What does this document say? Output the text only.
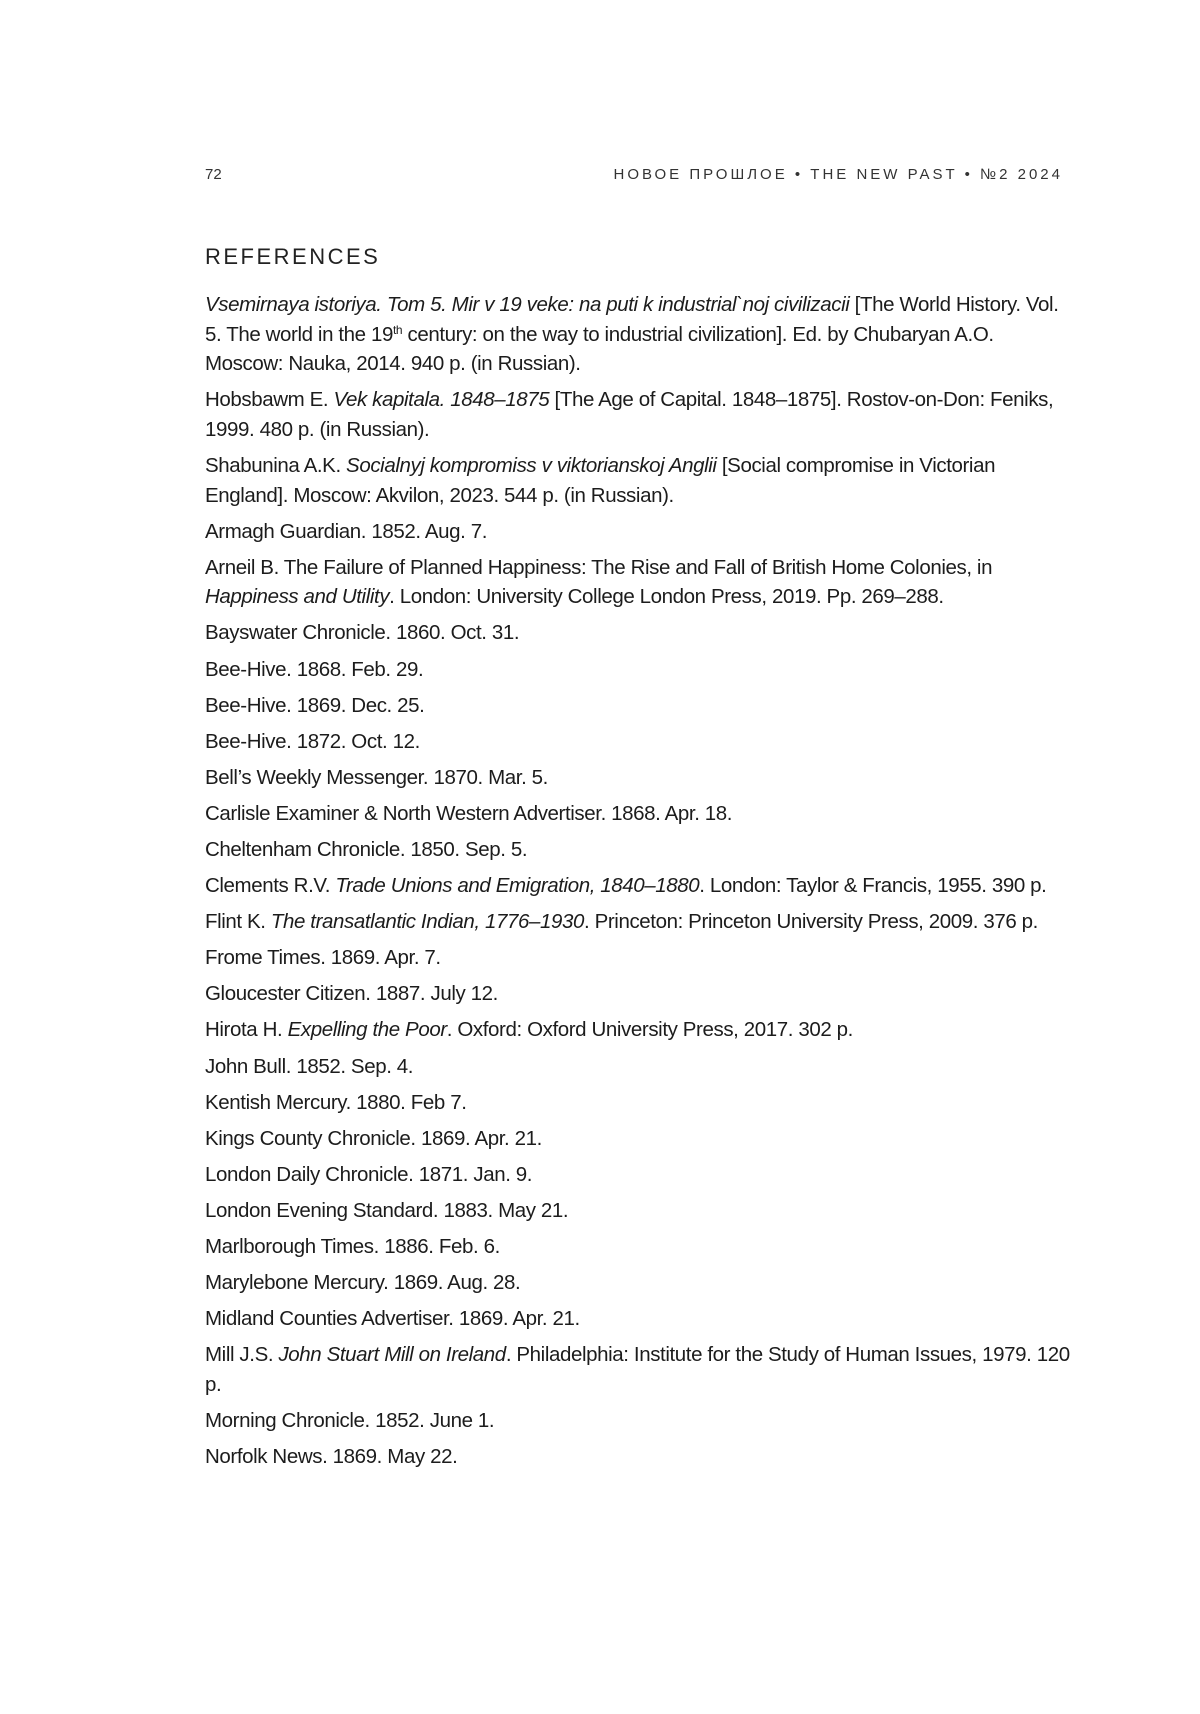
72	НОВОЕ ПРОШЛОЕ • THE NEW PAST • №2 2024
REFERENCES
Vsemirnaya istoriya. Tom 5. Mir v 19 veke: na puti k industrial`noj civilizacii [The World History. Vol. 5. The world in the 19th century: on the way to industrial civilization]. Ed. by Chubaryan A.O. Moscow: Nauka, 2014. 940 p. (in Russian).
Hobsbawm E. Vek kapitala. 1848–1875 [The Age of Capital. 1848–1875]. Rostov-on-Don: Feniks, 1999. 480 p. (in Russian).
Shabunina A.K. Socialnyj kompromiss v viktorianskoj Anglii [Social compromise in Victorian England]. Moscow: Akvilon, 2023. 544 p. (in Russian).
Armagh Guardian. 1852. Aug. 7.
Arneil B. The Failure of Planned Happiness: The Rise and Fall of British Home Colonies, in Happiness and Utility. London: University College London Press, 2019. Pp. 269–288.
Bayswater Chronicle. 1860. Oct. 31.
Bee-Hive. 1868. Feb. 29.
Bee-Hive. 1869. Dec. 25.
Bee-Hive. 1872. Oct. 12.
Bell’s Weekly Messenger. 1870. Mar. 5.
Carlisle Examiner & North Western Advertiser. 1868. Apr. 18.
Cheltenham Chronicle. 1850. Sep. 5.
Clements R.V. Trade Unions and Emigration, 1840–1880. London: Taylor & Francis, 1955. 390 p.
Flint K. The transatlantic Indian, 1776–1930. Princeton: Princeton University Press, 2009. 376 p.
Frome Times. 1869. Apr. 7.
Gloucester Citizen. 1887. July 12.
Hirota H. Expelling the Poor. Oxford: Oxford University Press, 2017. 302 p.
John Bull. 1852. Sep. 4.
Kentish Mercury. 1880. Feb 7.
Kings County Chronicle. 1869. Apr. 21.
London Daily Chronicle. 1871. Jan. 9.
London Evening Standard. 1883. May 21.
Marlborough Times. 1886. Feb. 6.
Marylebone Mercury. 1869. Aug. 28.
Midland Counties Advertiser. 1869. Apr. 21.
Mill J.S. John Stuart Mill on Ireland. Philadelphia: Institute for the Study of Human Issues, 1979. 120 p.
Morning Chronicle. 1852. June 1.
Norfolk News. 1869. May 22.
